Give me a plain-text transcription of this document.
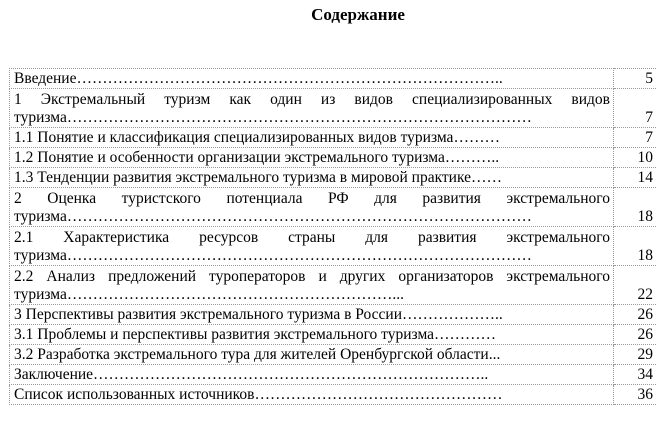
Содержание
Введение………………………………………………………………………..	5
1 Экстремальный туризм как один из видов специализированных видов туризма………………………………………………………………………………	7
1.1 Понятие и классификация специализированных видов туризма………	7
1.2 Понятие и особенности организации экстремального туризма………..	10
1.3 Тенденции развития экстремального туризма в мировой практике……	14
2 Оценка туристского потенциала РФ для развития экстремального туризма………………………………………………………………………………	18
2.1 Характеристика ресурсов страны для развития экстремального туризма………………………………………………………………………………	18
2.2 Анализ предложений туроператоров и других организаторов экстремального туризма………………………………………………………...	22
3 Перспективы развития экстремального туризма в России………………..	26
3.1 Проблемы и перспективы развития экстремального туризма…………	26
3.2 Разработка экстремального тура для жителей Оренбургской области...	29
Заключение…………………………………………………………………..	34
Список использованных источников…………………………………………	36
